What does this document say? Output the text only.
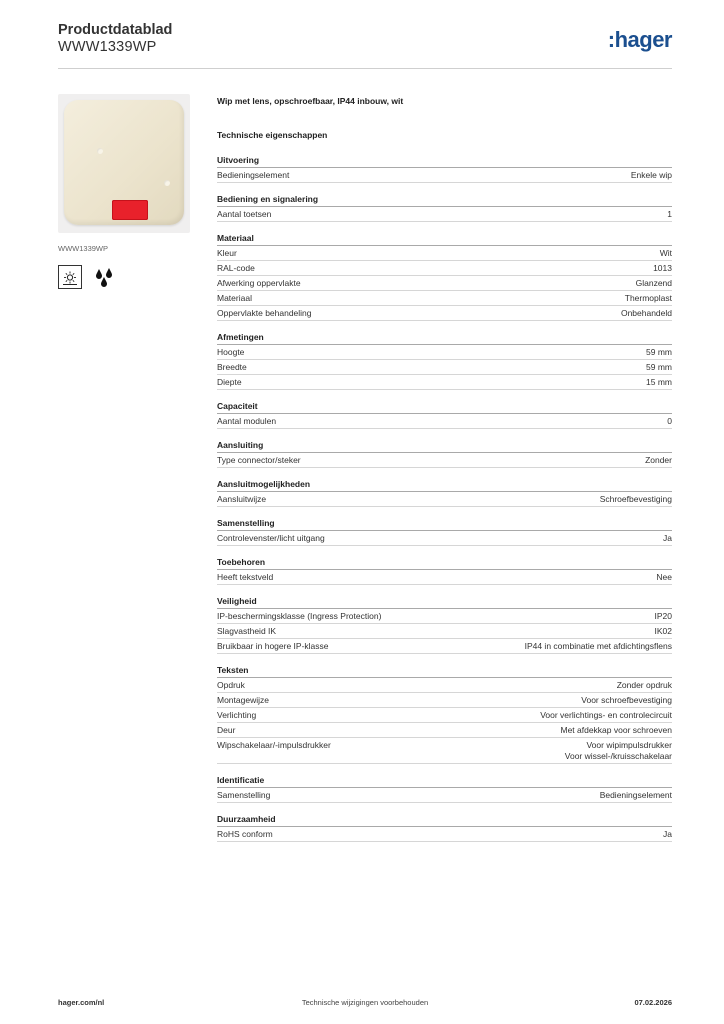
Productdatablad
WWW1339WP	:hager
WWW1339WP
Wip met lens, opschroefbaar, IP44 inbouw, wit
Technische eigenschappen
Uitvoering
Bedieningselement	Enkele wip
Bediening en signalering
Aantal toetsen	1
Materiaal
Kleur	Wit
RAL-code	1013
Afwerking oppervlakte	Glanzend
Materiaal	Thermoplast
Oppervlakte behandeling	Onbehandeld
Afmetingen
Hoogte	59 mm
Breedte	59 mm
Diepte	15 mm
Capaciteit
Aantal modulen	0
Aansluiting
Type connector/steker	Zonder
Aansluitmogelijkheden
Aansluitwijze	Schroefbevestiging
Samenstelling
Controlevenster/licht uitgang	Ja
Toebehoren
Heeft tekstveld	Nee
Veiligheid
IP-beschermingsklasse (Ingress Protection)	IP20
Slagvastheid IK	IK02
Bruikbaar in hogere IP-klasse	IP44 in combinatie met afdichtingsflens
Teksten
Opdruk	Zonder opdruk
Montagewijze	Voor schroefbevestiging
Verlichting	Voor verlichtings- en controlecircuit
Deur	Met afdekkap voor schroeven
Wipschakelaar/-impulsdrukker	Voor wipimpulsdrukker
Voor wissel-/kruisschakelaar
Identificatie
Samenstelling	Bedieningselement
Duurzaamheid
RoHS conform	Ja
hager.com/nl	Technische wijzigingen voorbehouden	07.02.2026
